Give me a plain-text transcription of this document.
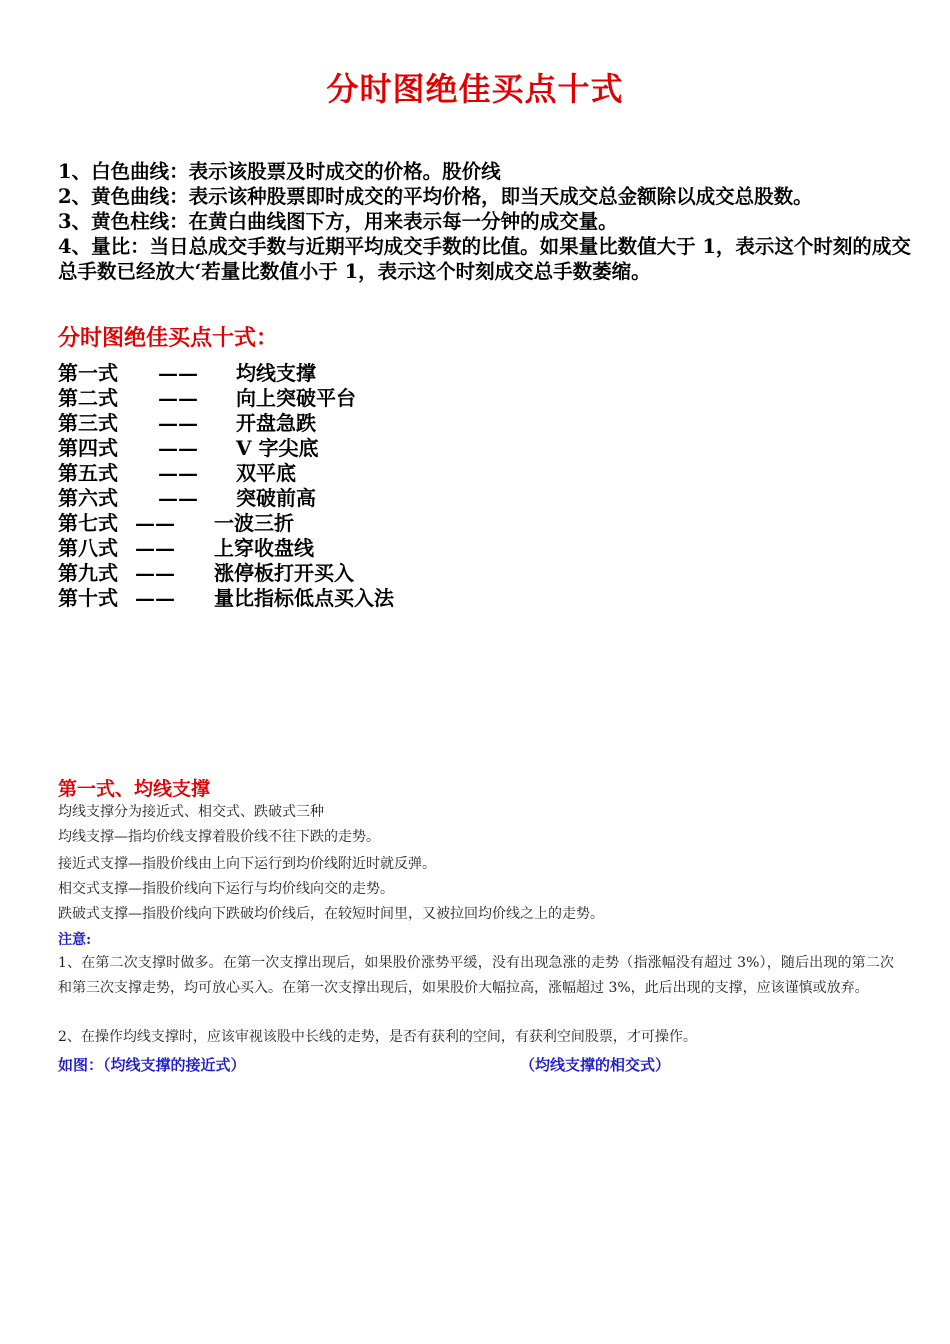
分时图绝佳买点十式
1、白色曲线：表示该股票及时成交的价格。股价线
2、黄色曲线：表示该种股票即时成交的平均价格，即当天成交总金额除以成交总股数。
3、黄色柱线：在黄白曲线图下方，用来表示每一分钟的成交量。
4、量比：当日总成交手数与近期平均成交手数的比值。如果量比数值大于 1，表示这个时刻的成交总手数已经放大‘若量比数值小于 1，表示这个时刻成交总手数萎缩。
分时图绝佳买点十式：
第一式 —— 均线支撑
第二式 —— 向上突破平台
第三式 —— 开盘急跌
第四式 —— V 字尖底
第五式 —— 双平底
第六式 —— 突破前高
第七式 —— 一波三折
第八式 —— 上穿收盘线
第九式 —— 涨停板打开买入
第十式 —— 量比指标低点买入法
第一式、均线支撑
均线支撑分为接近式、相交式、跌破式三种
均线支撑—指均价线支撑着股价线不往下跌的走势。
接近式支撑—指股价线由上向下运行到均价线附近时就反弹。
相交式支撑—指股价线向下运行与均价线向交的走势。
跌破式支撑—指股价线向下跌破均价线后，在较短时间里，又被拉回均价线之上的走势。
注意:
1、在第二次支撑时做多。在第一次支撑出现后，如果股价涨势平缓，没有出现急涨的走势（指涨幅没有超过 3%），随后出现的第二次和第三次支撑走势，均可放心买入。在第一次支撑出现后，如果股价大幅拉高，涨幅超过 3%，此后出现的支撑，应该谨慎或放弃。
2、在操作均线支撑时，应该审视该股中长线的走势，是否有获利的空间，有获利空间股票，才可操作。
如图：（均线支撑的接近式）	（均线支撑的相交式）
